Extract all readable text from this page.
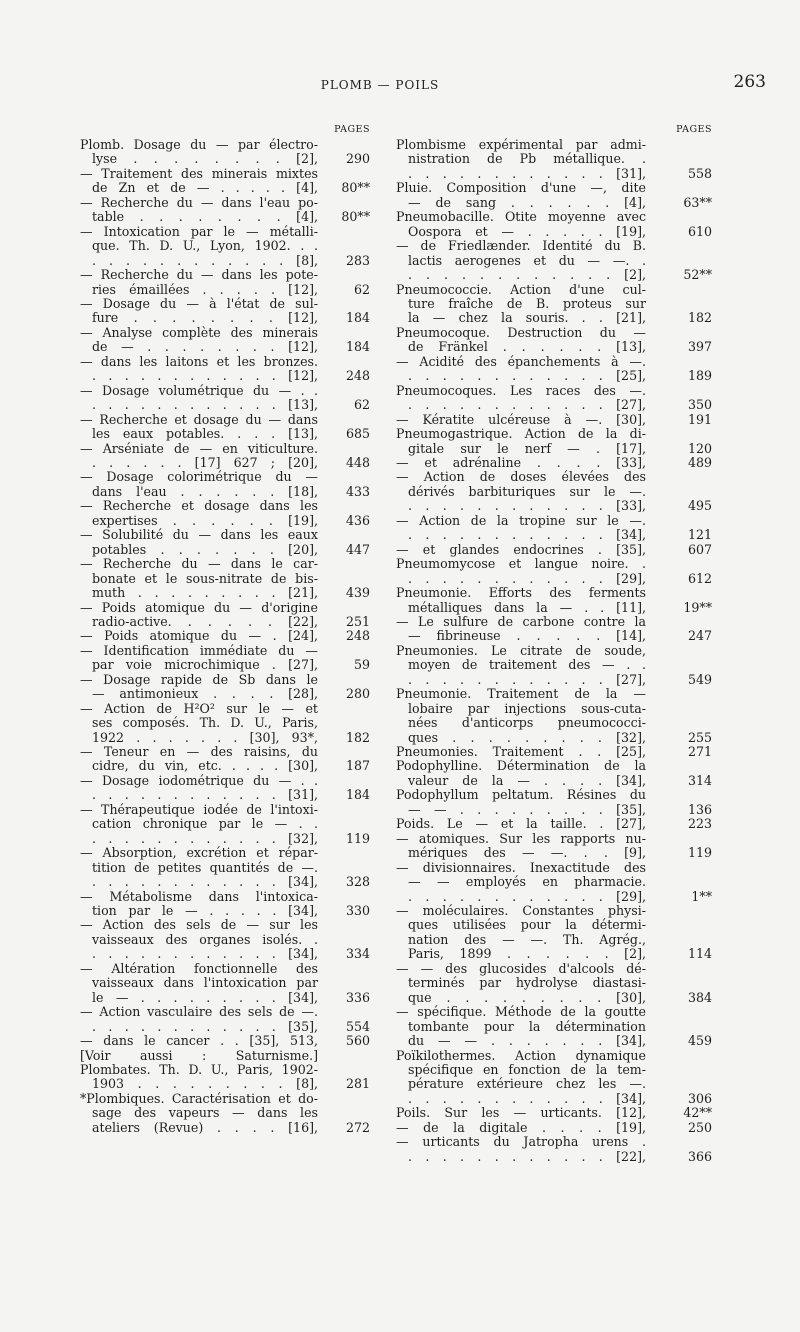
PLOMB — POILS	263
PAGES
Plomb. Dosage du — par électro-
lyse . . . . . . . . [2],	290
— Traitement des minerais mixtes
de Zn et de — . . . . . [4],	80**
— Recherche du — dans l'eau po-
table . . . . . . . . [4],	80**
— Intoxication par le — métalli-
que. Th. D. U., Lyon, 1902. . .
. . . . . . . . . . . . [8],	283
— Recherche du — dans les pote-
ries émaillées . . . . . [12],	62
— Dosage du — à l'état de sul-
fure . . . . . . . . [12],	184
— Analyse complète des minerais
de — . . . . . . . . [12],	184
— dans les laitons et les bronzes.
. . . . . . . . . . . . [12],	248
— Dosage volumétrique du — . .
. . . . . . . . . . . . [13],	62
— Recherche et dosage du — dans
les eaux potables. . . . [13],	685
— Arséniate de — en viticulture.
. . . . . . [17] 627 ; [20],	448
— Dosage colorimétrique du —
dans l'eau . . . . . . [18],	433
— Recherche et dosage dans les
expertises . . . . . . [19],	436
— Solubilité du — dans les eaux
potables . . . . . . . [20],	447
— Recherche du — dans le car-
bonate et le sous-nitrate de bis-
muth . . . . . . . . . [21],	439
— Poids atomique du — d'origine
radio-active. . . . . . [22],	251
— Poids atomique du — . [24],	248
— Identification immédiate du —
par voie microchimique . [27],	59
— Dosage rapide de Sb dans le
— antimonieux . . . . [28],	280
— Action de H²O² sur le — et
ses composés. Th. D. U., Paris,
1922 . . . . . . . [30], 93*,	182
— Teneur en — des raisins, du
cidre, du vin, etc. . . . . [30],	187
— Dosage iodométrique du — . .
. . . . . . . . . . . . [31],	184
— Thérapeutique iodée de l'intoxi-
cation chronique par le — . .
. . . . . . . . . . . . [32],	119
— Absorption, excrétion et répar-
tition de petites quantités de —.
. . . . . . . . . . . . [34],	328
— Métabolisme dans l'intoxica-
tion par le — . . . . . [34],	330
— Action des sels de — sur les
vaisseaux des organes isolés. .
. . . . . . . . . . . . [34],	334
— Altération fonctionnelle des
vaisseaux dans l'intoxication par
le — . . . . . . . . . [34],	336
— Action vasculaire des sels de —.
. . . . . . . . . . . . [35],	554
— dans le cancer . . [35], 513,	560
[Voir aussi : Saturnisme.]
Plombates. Th. D. U., Paris, 1902-
1903 . . . . . . . . . [8],	281
*Plombiques. Caractérisation et do-
sage des vapeurs — dans les
ateliers (Revue) . . . . [16],	272
PAGES
Plombisme expérimental par admi-
nistration de Pb métallique. .
. . . . . . . . . . . . [31],	558
Pluie. Composition d'une —, dite
— de sang . . . . . . [4],	63**
Pneumobacille. Otite moyenne avec
Oospora et — . . . . . [19],	610
— de Friedlænder. Identité du B.
lactis aerogenes et du — —. .
. . . . . . . . . . . . [2],	52**
Pneumococcie. Action d'une cul-
ture fraîche de B. proteus sur
la — chez la souris. . . [21],	182
Pneumocoque. Destruction du —
de Fränkel . . . . . . [13],	397
— Acidité des épanchements à —.
. . . . . . . . . . . . [25],	189
Pneumocoques. Les races des —.
. . . . . . . . . . . . [27],	350
— Kératite ulcéreuse à —. [30],	191
Pneumogastrique. Action de la di-
gitale sur le nerf — . [17],	120
— et adrénaline . . . . [33],	489
— Action de doses élevées des
dérivés barbituriques sur le —.
. . . . . . . . . . . . [33],	495
— Action de la tropine sur le —.
. . . . . . . . . . . . [34],	121
— et glandes endocrines . [35],	607
Pneumomycose et langue noire. .
. . . . . . . . . . . . [29],	612
Pneumonie. Efforts des ferments
métalliques dans la — . . [11],	19**
— Le sulfure de carbone contre la
— fibrineuse . . . . . [14],	247
Pneumonies. Le citrate de soude,
moyen de traitement des — . .
. . . . . . . . . . . . [27],	549
Pneumonie. Traitement de la —
lobaire par injections sous-cuta-
nées d'anticorps pneumococci-
ques . . . . . . . . . [32],	255
Pneumonies. Traitement . . [25],	271
Podophylline. Détermination de la
valeur de la — . . . . [34],	314
Podophyllum peltatum. Résines du
— — . . . . . . . . . [35],	136
Poids. Le — et la taille. . [27],	223
— atomiques. Sur les rapports nu-
mériques des — —. . . [9],	119
— divisionnaires. Inexactitude des
— — employés en pharmacie.
. . . . . . . . . . . . [29],	1**
— moléculaires. Constantes physi-
ques utilisées pour la détermi-
nation des — —. Th. Agrég.,
Paris, 1899 . . . . . . [2],	114
— — des glucosides d'alcools dé-
terminés par hydrolyse diastasi-
que . . . . . . . . . [30],	384
— spécifique. Méthode de la goutte
tombante pour la détermination
du — — . . . . . . . [34],	459
Poïkilothermes. Action dynamique
spécifique en fonction de la tem-
pérature extérieure chez les —.
. . . . . . . . . . . . [34],	306
Poils. Sur les — urticants. [12],	42**
— de la digitale . . . . [19],	250
— urticants du Jatropha urens .
. . . . . . . . . . . . [22],	366
